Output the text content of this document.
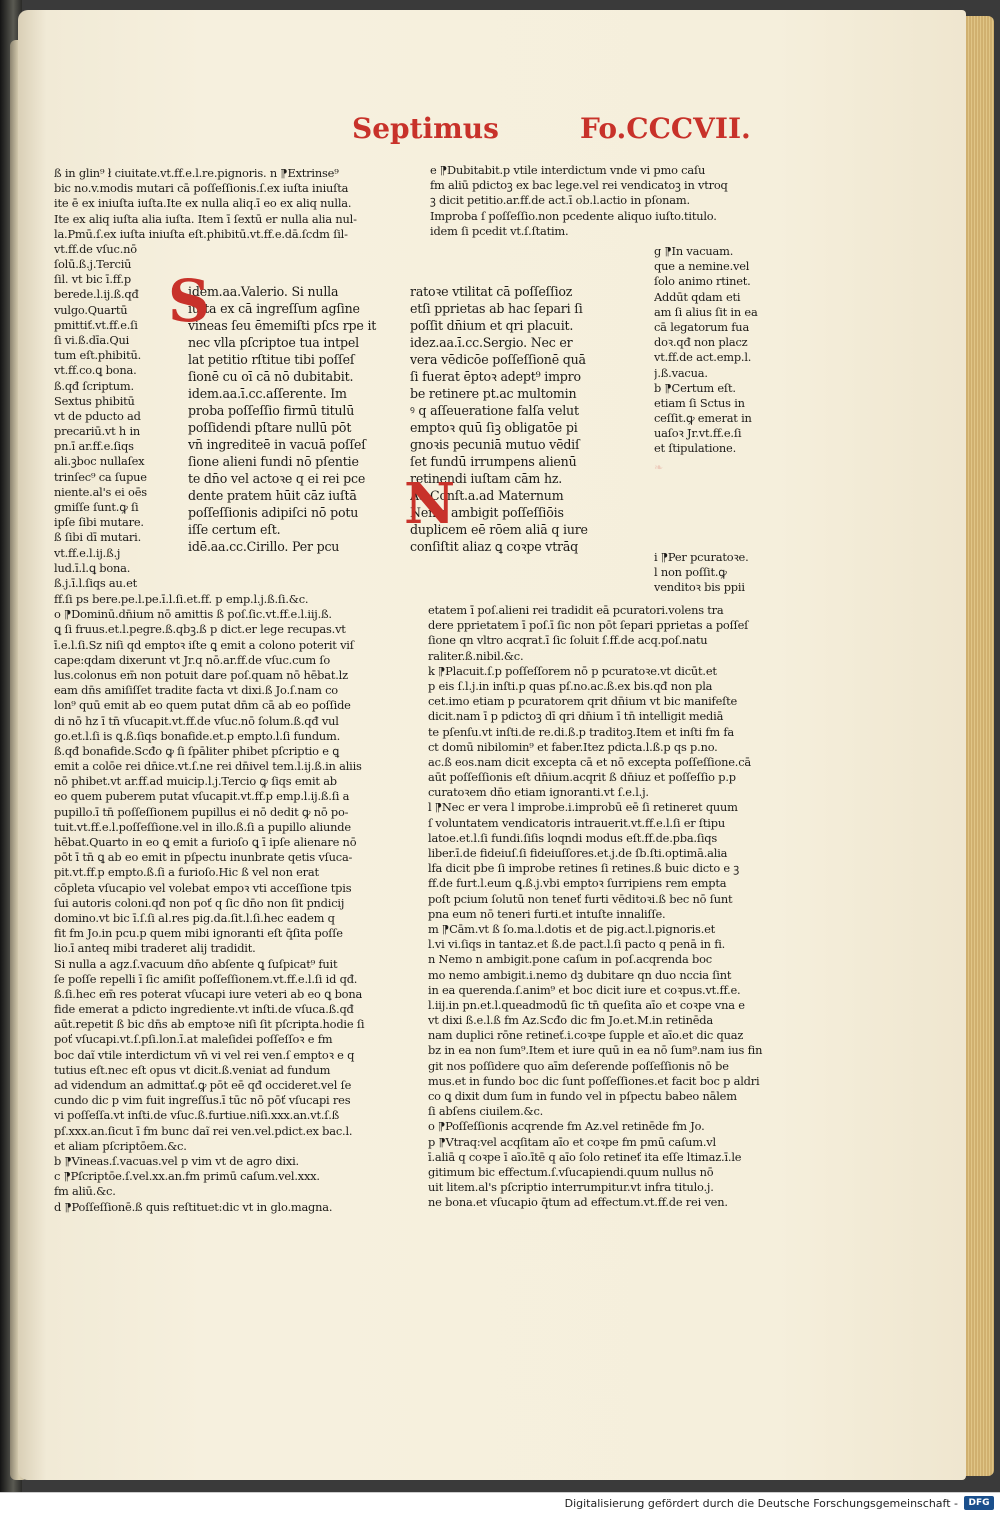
Septimus	Fo.CCCVII.
ß in glin⁹ ł ciuitate.vt.ff.e.l.re.pignoris. n ⁋Extrinse⁹
bic no.v.modis mutari cā poſſeſſionis.ſ.ex iuſta iniuſta
ite ē ex iniuſta iuſta.Ite ex nulla aliq.ī eo ex aliq nulla.
Ite ex aliq iuſta alia iuſta. Item ī ſextū er nulla alia nul-
la.Pmū.ſ.ex iuſta iniuſta eſt.phibitū.vt.ff.e.dā.ſcdm ſil-
vt.ff.de vſuc.nō
ſolū.ß.j.Terciū
ſil. vt bic ī.ff.p
berede.l.ij.ß.qđ
vulgo.Quartū
pmittiť.vt.ff.e.ſi
ſi vi.ß.dīa.Qui
tum eſt.phibitū.
vt.ff.co.ꝗ bona.
ß.qđ ſcriptum.
Sextus phibitū
vt de pducto ad
precariū.vt h in
pn.ī ar.ff.e.ſiqs
ali.ꝫboc nullaſex
trinſec⁹ ca ſupue
niente.al's ei oēs
gmiſſe ſunt.ꝙ ſi
ipſe ſibi mutare.
ß ſibi dī mutari.
vt.ff.e.l.ij.ß.j
lud.ī.l.ꝗ bona.
ß.j.ī.l.ſiqs au.et
ff.ſi ps bere.pe.l.pe.ī.l.ſi.et.ff. p emp.l.j.ß.ſi.&c.
o ⁋Dominū.dn̄ium nō amittis ß poſ.ſic.vt.ff.e.l.iij.ß.
ꝗ ſi fruus.et.l.pegre.ß.qbꝫ.ß p dict.er lege recupas.vt
ī.e.l.ſi.Sz niſi qd emptoꝛ iſte ꝗ emit a colono poterit viſ
cape:qdam dixerunt vt Jr.q nō.ar.ff.de vſuc.cum ſo
lus.colonus em̄ non potuit dare poſ.quam nō hēbat.lz
eam dn̄s amiſiſſet tradite facta vt dixi.ß Jo.ſ.nam co
lon⁹ quū emit ab eo quem putat dn̄m cā ab eo poſſide
di nō hz ī tn̄ vſucapit.vt.ff.de vſuc.nō ſolum.ß.qđ vul
go.et.l.ſi is ꝗ.ß.ſiqs bonafide.et.p empto.l.ſi fundum.
ß.qđ bonafide.Scđo ꝙ ſi ſpāliter phibet pſcriptio e ꝗ
emit a colōe rei dn̄ice.vt.ſ.ne rei dn̄ivel tem.l.ij.ß.in aliis
nō phibet.vt ar.ff.ad muicip.l.j.Tercio ꝙ ſiqs emit ab
eo quem puberem putat vſucapit.vt.ff.p emp.l.ij.ß.ſi a
pupillo.ī tn̄ poſſeſſionem pupillus ei nō dedit ꝙ nō po-
tuit.vt.ff.e.l.poſſeſſione.vel in illo.ß.ſi a pupillo aliunde
hēbat.Quarto in eo ꝗ emit a furioſo ꝗ ī ipſe alienare nō
pōt ī tn̄ ꝗ ab eo emit in pſpectu inunbrate qetis vſuca-
pit.vt.ff.p empto.ß.ſi a furioſo.Hic ß vel non erat
cōpleta vſucapio vel volebat empoꝛ vti acceſſione tpis
ſui autoris coloni.qđ non poť q ſic dn̄o non ſit pndicij
domino.vt bic ī.ſ.ſi al.res pig.da.ſit.l.ſi.hec eadem q
fit fm Jo.in pcu.p quem mibi ignoranti eſt q̄ſita poſſe
lio.ī anteq mibi traderet alij tradidit.
Si nulla a agz.ſ.vacuum dn̄o abſente ꝗ ſuſpicat⁹ fuit
ſe poſſe repelli ī ſic amiſit poſſeſſionem.vt.ff.e.l.ſi id qđ.
ß.ſi.hec em̄ res poterat vſucapi iure veteri ab eo ꝗ bona
fide emerat a pdicto ingrediente.vt inſti.de vſuca.ß.qđ
aūt.repetit ß bic dn̄s ab emptoꝛe niſi ſit pſcripta.hodie ſi
poť vſucapi.vt.ſ.pſi.lon.ī.at maleſidei poſſeſſoꝛ e fm
boc daĩ vtile interdictum vn̄ vi vel rei ven.ſ emptoꝛ e q
tutius eſt.nec eſt opus vt dicit.ß.veniat ad fundum
ad videndum an admittať.ꝙ pōt eē qđ occideret.vel ſe
cundo dic p vim fuit ingreſſus.ī tūc nō pōť vſucapi res
vi poſſeſſa.vt inſti.de vſuc.ß.furtiue.niſi.xxx.an.vt.ſ.ß
pſ.xxx.an.ſicut ī fm bunc daĩ rei ven.vel.pdict.ex bac.l.
et aliam pſcriptōem.&c.
b ⁋Vineas.ſ.vacuas.vel p vim vt de agro dixi.
c ⁋Pſcriptōe.ſ.vel.xx.an.fm primū caſum.vel.xxx.
fm aliū.&c.
d ⁋Poſſeſſionē.ß quis reſtituet:dic vt in glo.magna.
idem.aa.Valerio. Si nulla
iuſta ex cā ingreſſum agſine
vineas ſeu ēmemiſti pſcs rpe it
nec vlla pſcriptoe tua intpel
lat petitio rſtitue tibi poſſeſ
ſionē cu oī cā nō dubitabit.
idem.aa.ī.cc.aſſerente. Im
proba poſſeſſio firmū titulū
poſſidendi pſtare nullū pōt
vn̄ ingrediteē in vacuā poſſeſ
ſione alieni fundi nō pſentie
te dn̄o vel actoꝛe q ei rei pce
dente pratem hūit cāz iuſtā
poſſeſſionis adipiſci nō potu
iſſe certum eſt.
idē.aa.cc.Cirillo. Per pcu
ratoꝛe vtilitat cā poſſeſſioz
etſi pprietas ab hac ſepari ſi
poſſit dn̄ium et qri placuit.
idez.aa.ī.cc.Sergio. Nec er
vera vēdicōe poſſeſſionē quā
ſi fuerat ēptoꝛ adept⁹ impro
be retinere pt.ac multomin
ꝰ q aſſeueratione falſa velut
emptoꝛ quū ſiꝫ obligatōe pi
gnoꝛis pecuniā mutuo vēdiſ
ſet fundū irrumpens alienū
retinendi iuſtam cām hz.
Aa.Conſt.a.ad Maternum
Nemo ambigit poſſeſſiōis
duplicem eē rōem aliā q iure
conſiſtit aliaz ꝗ coꝛpe vtrāq
S
N
e ⁋Dubitabit.p vtile interdictum vnde vi pmo caſu
fm aliū pdictoꝫ ex bac lege.vel rei vendicatoꝫ in vtroq
ꝫ dicit petitio.ar.ff.de act.ī ob.l.actio in pſonam.
Improba ſ poſſeſſio.non pcedente aliquo iuſto.titulo.
idem ſi pcedit vt.ſ.ſtatim.
g ⁋In vacuam.
que a nemine.vel
ſolo animo rtinet.
Addūt qdam eti
am ſi alius ſit in ea
cā legatorum fua
doꝛ.qđ non placz
vt.ff.de act.emp.l.
j.ß.vacua.
b ⁋Certum eſt.
etiam ſi Sctus in
ceſſit.ꝙ emerat in
uaſoꝛ Jr.vt.ff.e.ſi
et ſtipulatione.
i ⁋Per pcuratoꝛe.
l non poſſit.ꝙ
venditoꝛ bis ppii
etatem ī poſ.alieni rei tradidit eā pcuratori.volens tra
dere pprietatem ī poſ.ī ſic non pōt ſepari pprietas a poſſeſ
ſione qn vltro acqrat.ī ſic ſoluit ſ.ff.de acq.poſ.natu
raliter.ß.nibil.&c.
k ⁋Placuit.ſ.p poſſeſſorem nō p pcuratoꝛe.vt dicūt.et
p eis ſ.l.j.in inſti.p quas pſ.no.ac.ß.ex bis.qđ non pla
cet.imo etiam p pcuratorem qrit dn̄ium vt bic manifeſte
dicit.nam ī p pdictoꝫ dī qri dn̄ium ī tn̄ intelligit mediā
te pſenſu.vt inſti.de re.di.ß.p traditoꝫ.Item et inſti fm fa
ct domū nibilomin⁹ et faber.Itez pdicta.l.ß.p qs p.no.
ac.ß eos.nam dicit excepta cā et nō excepta poſſeſſione.cā
aūt poſſeſſionis eſt dn̄ium.acqrit ß dn̄iuz et poſſeſſio p.p
curatoꝛem dn̄o etiam ignoranti.vt ſ.e.l.j.
l ⁋Nec er vera l improbe.i.improbū eē ſi retineret quum
ſ voluntatem vendicatoris intrauerit.vt.ff.e.l.ſi er ſtipu
latoe.et.l.ſi fundi.ſiſis loqndi modus eſt.ff.de.pba.ſiqs
liber.ī.de fideiuſ.ſi fideiuſſores.et.j.de ſb.ſti.optimā.alia
lfa dicit pbe ſi improbe retines ſi retines.ß buic dicto e ꝫ
ff.de furt.l.eum ꝗ.ß.j.vbi emptoꝛ ſurripiens rem empta
poſt pcium ſolutū non teneť furti vēditoꝛi.ß bec nō ſunt
pna eum nō teneri furti.et intuſte innaliſſe.
m ⁋Cām.vt ß ſo.ma.l.dotis et de pig.act.l.pignoris.et
l.vi vi.ſiqs in tantaz.et ß.de pact.l.ſi pacto q penā in fi.
n Nemo n ambigit.pone caſum in poſ.acqrenda boc
mo nemo ambigit.i.nemo dꝫ dubitare qn duo nccia ſint
in ea querenda.ſ.anim⁹ et boc dicit iure et coꝛpus.vt.ff.e.
l.iij.in pn.et.l.queadmodū ſic tn̄ queſita aīo et coꝛpe vna e
vt dixi ß.e.l.ß fm Az.Scđo dic fm Jo.et.M.in retinēda
nam duplici rōne retineť.i.coꝛpe ſupple et aīo.et dic quaz
bz in ea non ſum⁹.Item et iure quū in ea nō ſum⁹.nam ius fin
git nos poſſidere quo aīm deſerende poſſeſſionis nō be
mus.et in fundo boc dic ſunt poſſeſſiones.et facit boc p aldri
co ꝗ dixit dum ſum in fundo vel in pſpectu babeo nālem
ſi abſens ciuilem.&c.
o ⁋Poſſeſſionis acqrende fm Az.vel retinēde fm Jo.
p ⁋Vtraq:vel acqſitam aīo et coꝛpe fm pmū caſum.vl
ī.aliā q coꝛpe ī aīo.ītē q aīo ſolo retineť ita eſſe ltimaz.ī.le
gitimum bic effectum.ſ.vſucapiendi.quum nullus nō
uit litem.al's pſcriptio interrumpitur.vt infra titulo.j.
ne bona.et vſucapio q̄tum ad effectum.vt.ff.de rei ven.
❧
Digitalisierung gefördert durch die Deutsche Forschungsgemeinschaft -	DFG
